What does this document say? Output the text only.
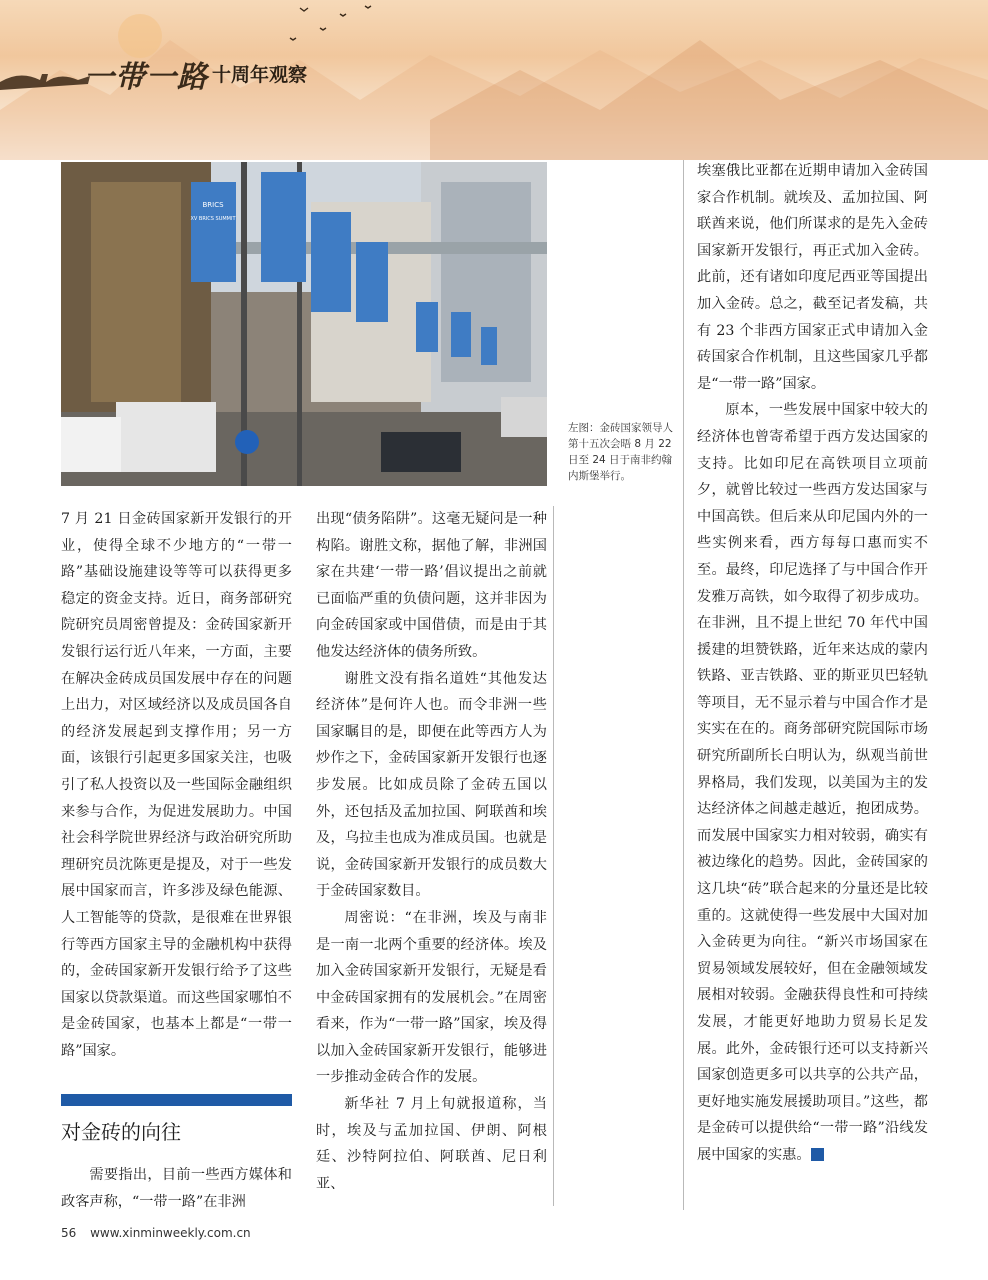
一带一路 十周年观察
BRICS
XV BRICS SUMMIT
左图：金砖国家领导人第十五次会晤 8 月 22 日至 24 日于南非约翰内斯堡举行。

7 月 21 日金砖国家新开发银行的开业，使得全球不少地方的“一带一路”基础设施建设等等可以获得更多稳定的资金支持。近日，商务部研究院研究员周密曾提及：金砖国家新开发银行运行近八年来，一方面，主要在解决金砖成员国发展中存在的问题上出力，对区域经济以及成员国各自的经济发展起到支撑作用；另一方面，该银行引起更多国家关注，也吸引了私人投资以及一些国际金融组织来参与合作，为促进发展助力。中国社会科学院世界经济与政治研究所助理研究员沈陈更是提及，对于一些发展中国家而言，许多涉及绿色能源、人工智能等的贷款，是很难在世界银行等西方国家主导的金融机构中获得的，金砖国家新开发银行给予了这些国家以贷款渠道。而这些国家哪怕不是金砖国家，也基本上都是“一带一路”国家。

对金砖的向往

需要指出，目前一些西方媒体和政客声称，“一带一路”在非洲

出现“债务陷阱”。这毫无疑问是一种构陷。谢胜文称，据他了解，非洲国家在共建‘一带一路’倡议提出之前就已面临严重的负债问题，这并非因为向金砖国家或中国借债，而是由于其他发达经济体的债务所致。

谢胜文没有指名道姓“其他发达经济体”是何许人也。而令非洲一些国家瞩目的是，即便在此等西方人为炒作之下，金砖国家新开发银行也逐步发展。比如成员除了金砖五国以外，还包括及孟加拉国、阿联酋和埃及，乌拉圭也成为准成员国。也就是说，金砖国家新开发银行的成员数大于金砖国家数目。

周密说：“在非洲，埃及与南非是一南一北两个重要的经济体。埃及加入金砖国家新开发银行，无疑是看中金砖国家拥有的发展机会。”在周密看来，作为“一带一路”国家，埃及得以加入金砖国家新开发银行，能够进一步推动金砖合作的发展。

新华社 7 月上旬就报道称，当时，埃及与孟加拉国、伊朗、阿根廷、沙特阿拉伯、阿联酋、尼日利亚、

埃塞俄比亚都在近期申请加入金砖国家合作机制。就埃及、孟加拉国、阿联酋来说，他们所谋求的是先入金砖国家新开发银行，再正式加入金砖。此前，还有诸如印度尼西亚等国提出加入金砖。总之，截至记者发稿，共有 23 个非西方国家正式申请加入金砖国家合作机制，且这些国家几乎都是“一带一路”国家。

原本，一些发展中国家中较大的经济体也曾寄希望于西方发达国家的支持。比如印尼在高铁项目立项前夕，就曾比较过一些西方发达国家与中国高铁。但后来从印尼国内外的一些实例来看，西方每每口惠而实不至。最终，印尼选择了与中国合作开发雅万高铁，如今取得了初步成功。在非洲，且不提上世纪 70 年代中国援建的坦赞铁路，近年来达成的蒙内铁路、亚吉铁路、亚的斯亚贝巴轻轨等项目，无不显示着与中国合作才是实实在在的。商务部研究院国际市场研究所副所长白明认为，纵观当前世界格局，我们发现，以美国为主的发达经济体之间越走越近，抱团成势。而发展中国家实力相对较弱，确实有被边缘化的趋势。因此，金砖国家的这几块“砖”联合起来的分量还是比较重的。这就使得一些发展中大国对加入金砖更为向往。“新兴市场国家在贸易领域发展较好，但在金融领域发展相对较弱。金融获得良性和可持续发展，才能更好地助力贸易长足发展。此外，金砖银行还可以支持新兴国家创造更多可以共享的公共产品，更好地实施发展援助项目。”这些，都是金砖可以提供给“一带一路”沿线发展中国家的实惠。	民

56 www.xinminweekly.com.cn
